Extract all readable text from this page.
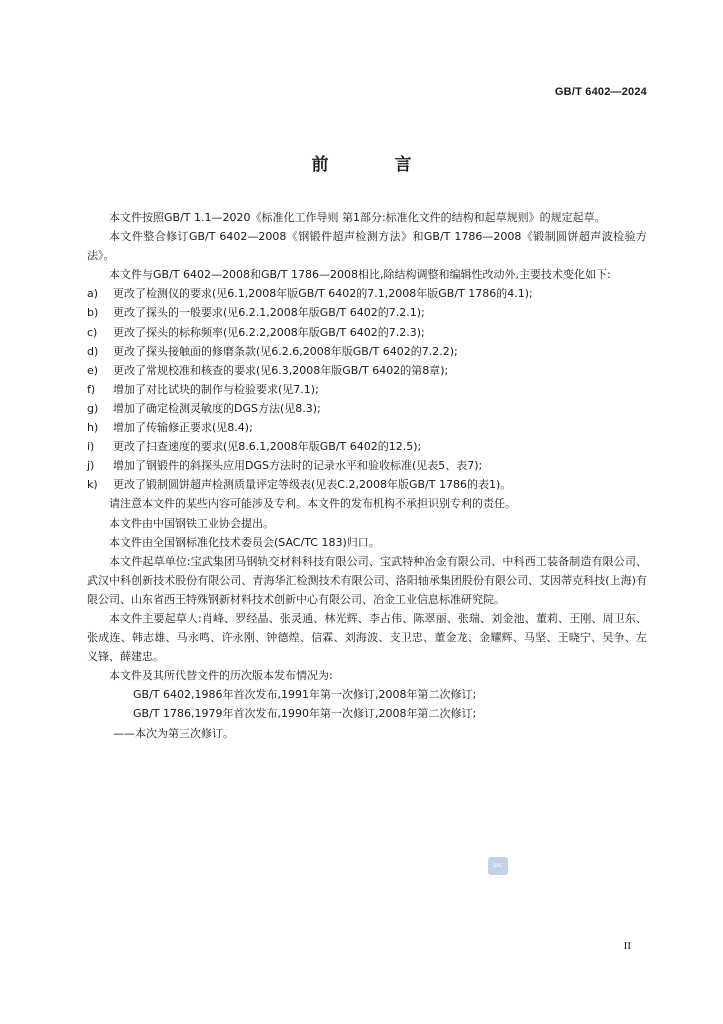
GB/T 6402—2024
前 言

本文件按照GB/T 1.1—2020《标准化工作导则 第1部分:标准化文件的结构和起草规则》的规定起草。

本文件整合修订GB/T 6402—2008《钢锻件超声检测方法》和GB/T 1786—2008《锻制圆饼超声波检验方法》。

本文件与GB/T 6402—2008和GB/T 1786—2008相比,除结构调整和编辑性改动外,主要技术变化如下:

a)	更改了检测仪的要求(见6.1,2008年版GB/T 6402的7.1,2008年版GB/T 1786的4.1);

b)	更改了探头的一般要求(见6.2.1,2008年版GB/T 6402的7.2.1);

c)	更改了探头的标称频率(见6.2.2,2008年版GB/T 6402的7.2.3);

d)	更改了探头接触面的修磨条款(见6.2.6,2008年版GB/T 6402的7.2.2);

e)	更改了常规校准和核查的要求(见6.3,2008年版GB/T 6402的第8章);

f)	增加了对比试块的制作与检验要求(见7.1);

g)	增加了确定检测灵敏度的DGS方法(见8.3);

h)	增加了传输修正要求(见8.4);

i)	更改了扫查速度的要求(见8.6.1,2008年版GB/T 6402的12.5);

j)	增加了钢锻件的斜探头应用DGS方法时的记录水平和验收标准(见表5、表7);

k)	更改了锻制圆饼超声检测质量评定等级表(见表C.2,2008年版GB/T 1786的表1)。

请注意本文件的某些内容可能涉及专利。本文件的发布机构不承担识别专利的责任。

本文件由中国钢铁工业协会提出。

本文件由全国钢标准化技术委员会(SAC/TC 183)归口。

本文件起草单位:宝武集团马钢轨交材料科技有限公司、宝武特种冶金有限公司、中科西工装备制造有限公司、武汉中科创新技术股份有限公司、青海华汇检测技术有限公司、洛阳轴承集团股份有限公司、艾因蒂克科技(上海)有限公司、山东省西王特殊钢新材料技术创新中心有限公司、冶金工业信息标准研究院。

本文件主要起草人:肖峰、罗经晶、张灵通、林光辉、李占伟、陈翠丽、张瑞、刘金池、董莉、王刚、周卫东、张成连、韩志雄、马永鸣、许永刚、钟德煌、信霖、刘海波、支卫忠、董金龙、金耀辉、马坚、王晓宁、吴争、左义锋、薛建忠。

本文件及其所代替文件的历次版本发布情况为:

GB/T 6402,1986年首次发布,1991年第一次修订,2008年第二次修订;

GB/T 1786,1979年首次发布,1990年第一次修订,2008年第二次修订;

——本次为第三次修订。

SAC
II
